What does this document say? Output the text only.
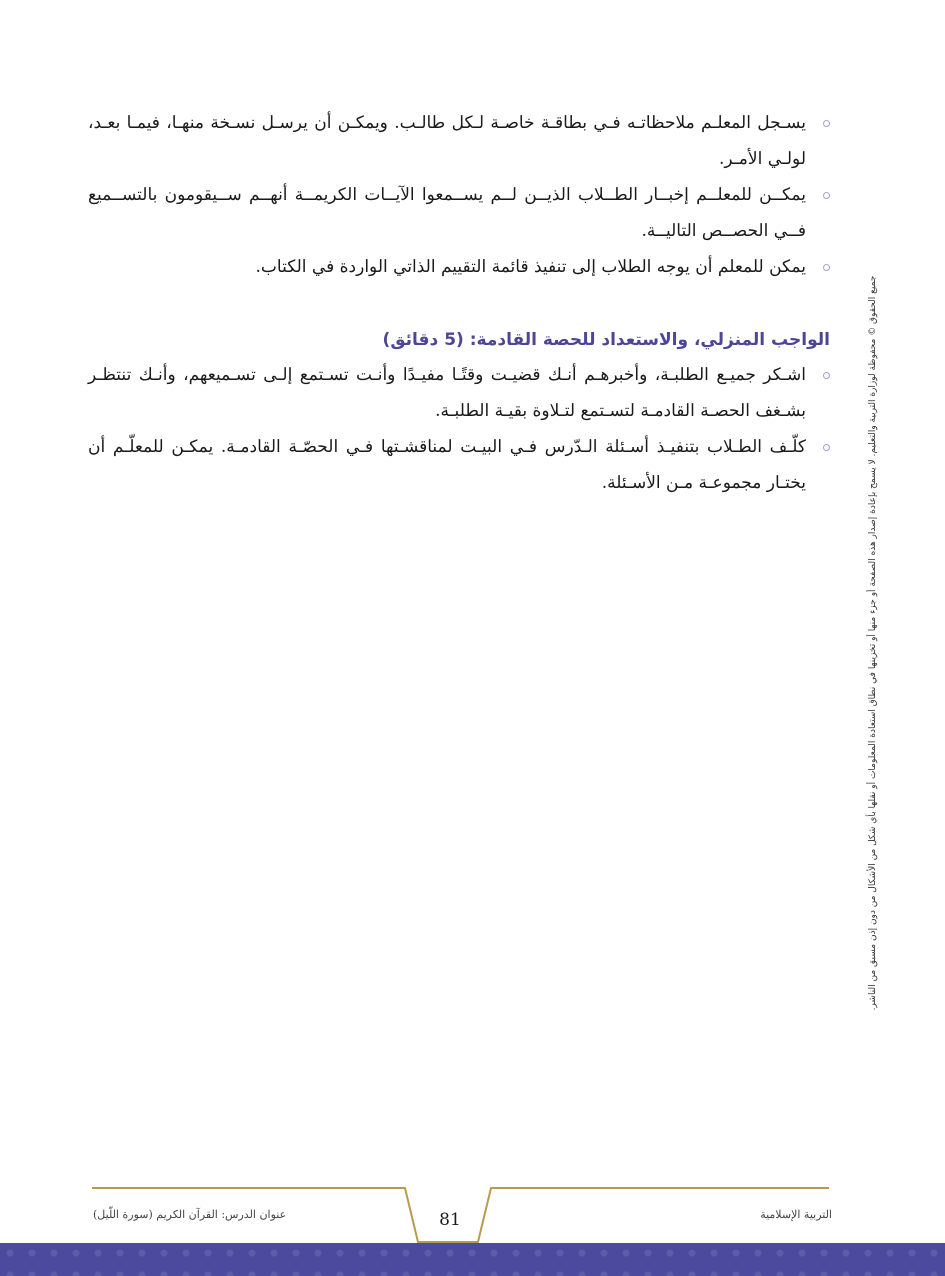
يسـجل المعلـم ملاحظاتـه فـي بطاقـة خاصـة لـكل طالـب. ويمكـن أن يرسـل نسـخة منهـا، فيمـا بعـد، لولـي الأمـر.
يمكــن للمعلــم إخبــار الطــلاب الذيــن لــم يســمعوا الآيــات الكريمــة أنهــم ســيقومون بالتســميع فــي الحصــص التاليــة.
يمكن للمعلم أن يوجه الطلاب إلى تنفيذ قائمة التقييم الذاتي الواردة في الكتاب.
الواجب المنزلي، والاستعداد للحصة القادمة: (5 دقائق)
اشـكر جميـع الطلبـة، وأخبرهـم أنـك قضيـت وقتًـا مفيـدًا وأنـت تسـتمع إلـى تسـميعهم، وأنـك تنتظـر بشـغف الحصـة القادمـة لتسـتمع لتـلاوة بقيـة الطلبـة.
كلّـف الطـلاب بتنفيـذ أسـئلة الـدّرس فـي البيـت لمناقشـتها فـي الحصّـة القادمـة. يمكـن للمعلّـم أن يختـار مجموعـة مـن الأسـئلة.	جميع الحقوق © محفوظة لوزارة التربية والتعليم. لا يسمح بإعادة إصدار هذه الصفحة أو جزء منها أو تخزينها في نطاق استعادة المعلومات أو نقلها بأي شكل من الأشكال من دون إذن مسبق من الناشر.
عنوان الدرس: القرآن الكريم (سورة اللّيل)	81	التربية الإسلامية
